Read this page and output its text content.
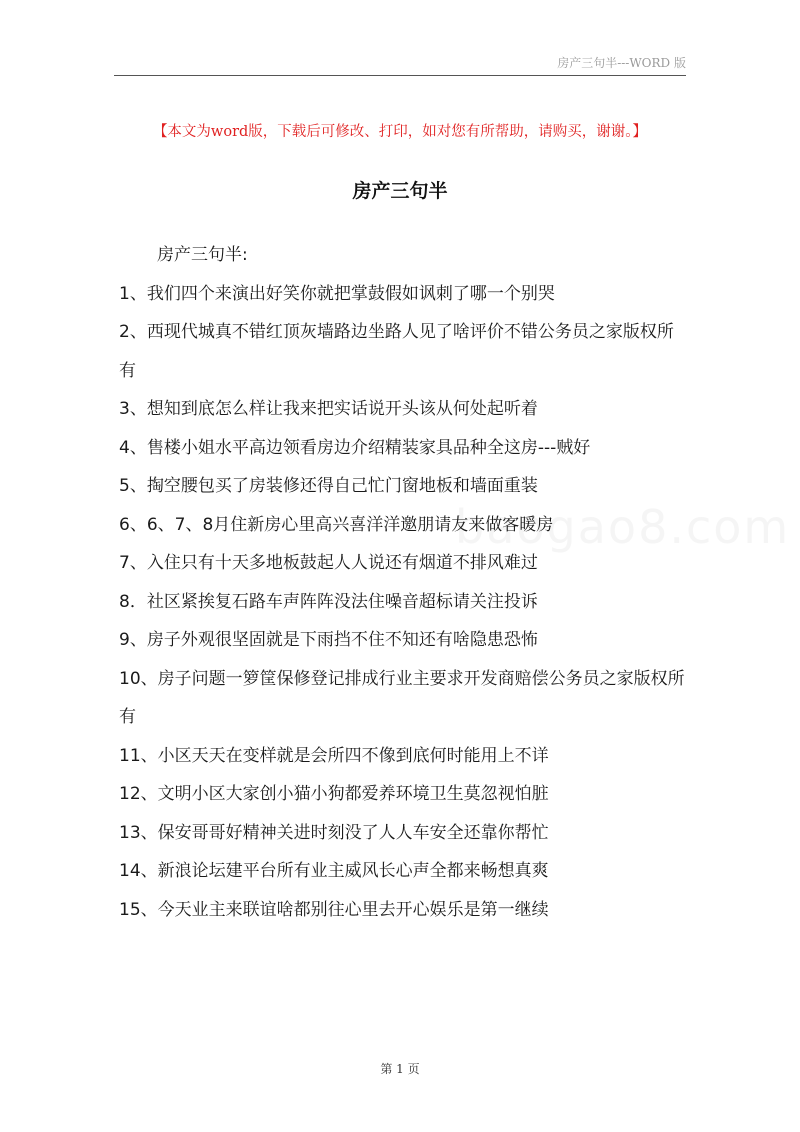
房产三句半---WORD 版
baogao8.com
【本文为word版，下载后可修改、打印，如对您有所帮助，请购买，谢谢。】
房产三句半

房产三句半:

1、我们四个来演出好笑你就把掌鼓假如讽刺了哪一个别哭

2、西现代城真不错红顶灰墙路边坐路人见了啥评价不错公务员之家版权所有

3、想知到底怎么样让我来把实话说开头该从何处起听着

4、售楼小姐水平高边领看房边介绍精装家具品种全这房---贼好

5、掏空腰包买了房装修还得自己忙门窗地板和墙面重装

6、6、7、8月住新房心里高兴喜洋洋邀朋请友来做客暖房

7、入住只有十天多地板鼓起人人说还有烟道不排风难过

8．社区紧挨复石路车声阵阵没法住噪音超标请关注投诉

9、房子外观很坚固就是下雨挡不住不知还有啥隐患恐怖

10、房子问题一箩筐保修登记排成行业主要求开发商赔偿公务员之家版权所有

11、小区天天在变样就是会所四不像到底何时能用上不详

12、文明小区大家创小猫小狗都爱养环境卫生莫忽视怕脏

13、保安哥哥好精神关进时刻没了人人车安全还靠你帮忙

14、新浪论坛建平台所有业主威风长心声全都来畅想真爽

15、今天业主来联谊啥都别往心里去开心娱乐是第一继续

第 1 页
